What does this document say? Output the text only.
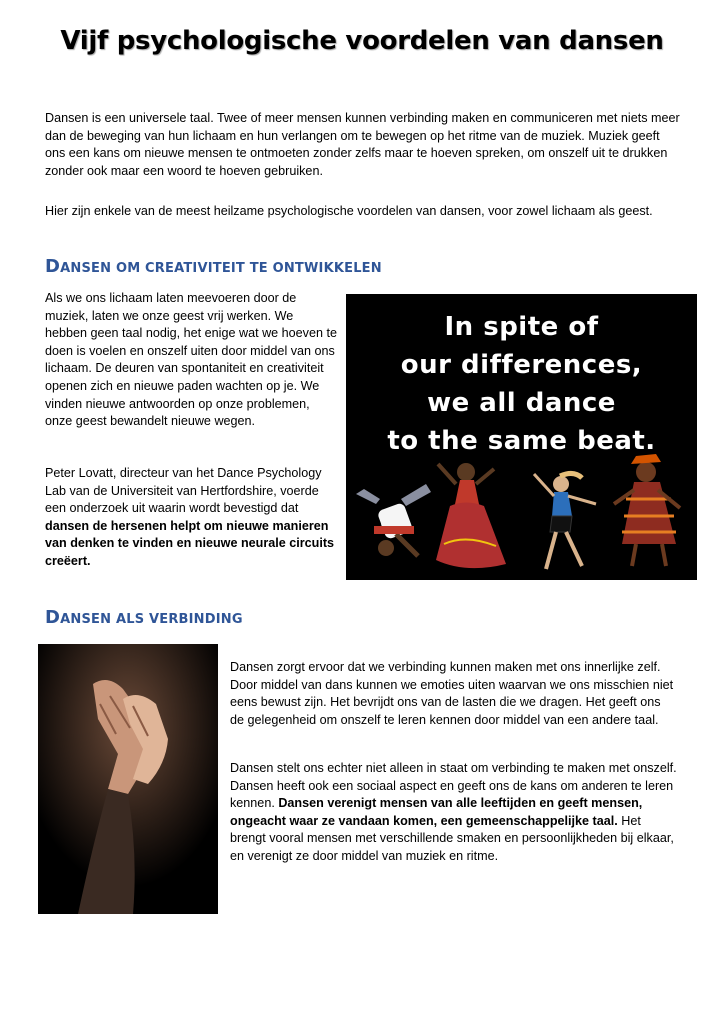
Vijf psychologische voordelen van dansen

Dansen is een universele taal. Twee of meer mensen kunnen verbinding maken en communiceren met niets meer dan de beweging van hun lichaam en hun verlangen om te bewegen op het ritme van de muziek. Muziek geeft ons een kans om nieuwe mensen te ontmoeten zonder zelfs maar te hoeven spreken, om onszelf uit te drukken zonder ook maar een woord te hoeven gebruiken.

Hier zijn enkele van de meest heilzame psychologische voordelen van dansen, voor zowel lichaam als geest.

DANSEN OM CREATIVITEIT TE ONTWIKKELEN

Als we ons lichaam laten meevoeren door de muziek, laten we onze geest vrij werken. We hebben geen taal nodig, het enige wat we hoeven te doen is voelen en onszelf uiten door middel van ons lichaam. De deuren van spontaniteit en creativiteit openen zich en nieuwe paden wachten op je. We vinden nieuwe antwoorden op onze problemen, onze geest bewandelt nieuwe wegen.

Peter Lovatt, directeur van het Dance Psychology Lab van de Universiteit van Hertfordshire, voerde een onderzoek uit waarin wordt bevestigd dat dansen de hersenen helpt om nieuwe manieren van denken te vinden en nieuwe neurale circuits creëert.

In spite of
our differences,
we all dance
to the same beat.
DANSEN ALS VERBINDING

Dansen zorgt ervoor dat we verbinding kunnen maken met ons innerlijke zelf. Door middel van dans kunnen we emoties uiten waarvan we ons misschien niet eens bewust zijn. Het bevrijdt ons van de lasten die we dragen. Het geeft ons de gelegenheid om onszelf te leren kennen door middel van een andere taal.

Dansen stelt ons echter niet alleen in staat om verbinding te maken met onszelf. Dansen heeft ook een sociaal aspect en geeft ons de kans om anderen te leren kennen. Dansen verenigt mensen van alle leeftijden en geeft mensen, ongeacht waar ze vandaan komen, een gemeenschappelijke taal. Het brengt vooral mensen met verschillende smaken en persoonlijkheden bij elkaar, en verenigt ze door middel van muziek en ritme.
